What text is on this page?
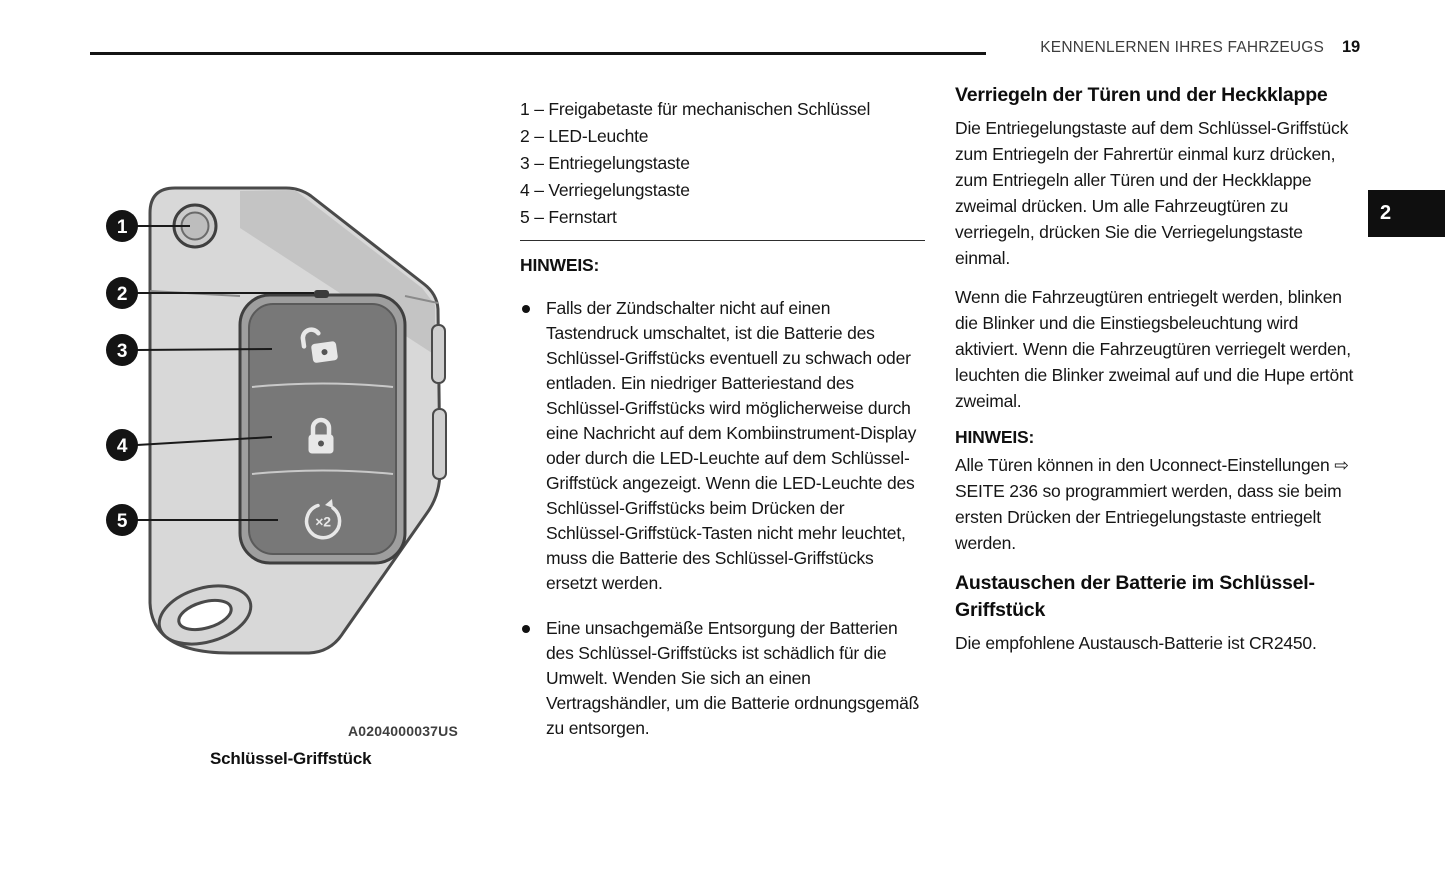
KENNENLERNEN IHRES FAHRZEUGS 19
2
×2
1
2
3
4
5
A0204000037US
Schlüssel-Griffstück
1 – Freigabetaste für mechanischen Schlüssel
2 – LED-Leuchte
3 – Entriegelungstaste
4 – Verriegelungstaste
5 – Fernstart
HINWEIS:

Falls der Zündschalter nicht auf einen Tastendruck umschaltet, ist die Batterie des Schlüssel-Griffstücks eventuell zu schwach oder entladen. Ein niedriger Batteriestand des Schlüssel-Griffstücks wird möglicherweise durch eine Nachricht auf dem Kombiinstrument-Display oder durch die LED-Leuchte auf dem Schlüssel-Griffstück angezeigt. Wenn die LED-Leuchte des Schlüssel-Griffstücks beim Drücken der Schlüssel-Griffstück-Tasten nicht mehr leuchtet, muss die Batterie des Schlüssel-Griffstücks ersetzt werden.

Eine unsachgemäße Entsorgung der Batterien des Schlüssel-Griffstücks ist schädlich für die Umwelt. Wenden Sie sich an einen Vertragshändler, um die Batterie ordnungsgemäß zu entsorgen.

Verriegeln der Türen und der Heckklappe

Die Entriegelungstaste auf dem Schlüssel-Griffstück zum Entriegeln der Fahrertür einmal kurz drücken, zum Entriegeln aller Türen und der Heckklappe zweimal drücken. Um alle Fahrzeugtüren zu verriegeln, drücken Sie die Verriegelungstaste einmal.

Wenn die Fahrzeugtüren entriegelt werden, blinken die Blinker und die Einstiegsbeleuchtung wird aktiviert. Wenn die Fahrzeugtüren verriegelt werden, leuchten die Blinker zweimal auf und die Hupe ertönt zweimal.

HINWEIS:

Alle Türen können in den Uconnect-Einstellungen ⇨ SEITE 236 so programmiert werden, dass sie beim ersten Drücken der Entriegelungstaste entriegelt werden.

Austauschen der Batterie im Schlüssel-Griffstück

Die empfohlene Austausch-Batterie ist CR2450.
